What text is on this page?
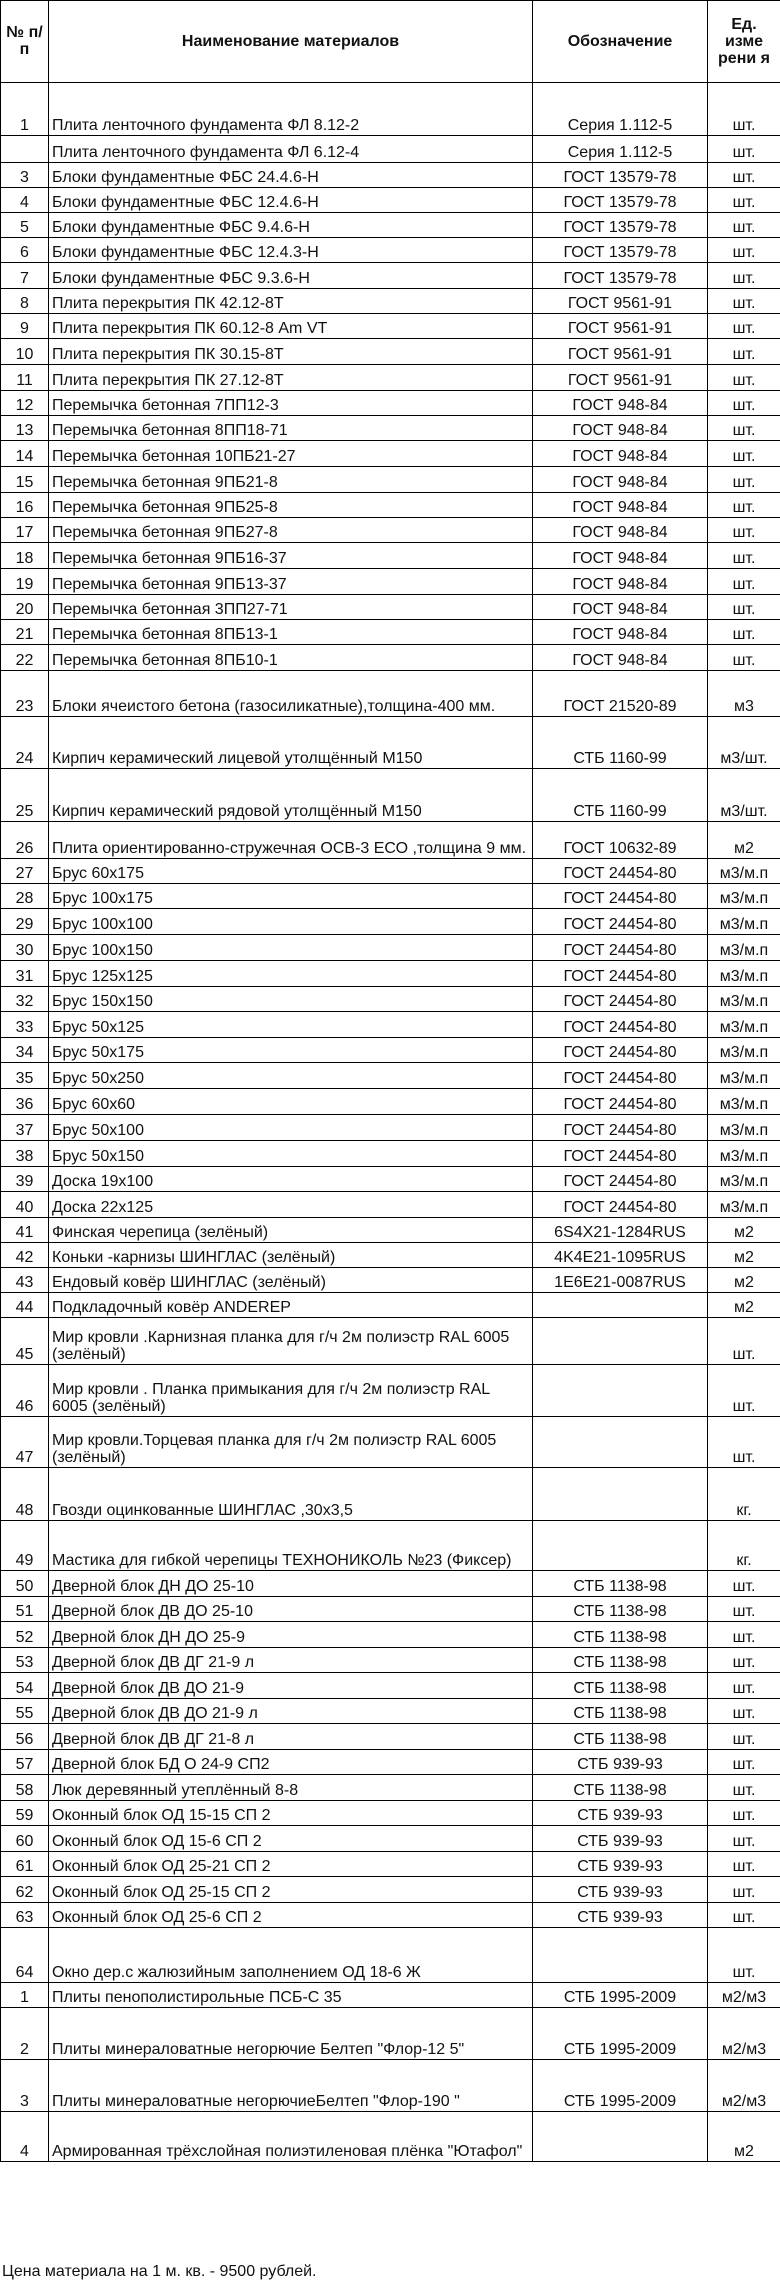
№ п/п	Наименование материалов	Обозначение	Ед. изме рени я
1	Плита ленточного фундамента ФЛ 8.12-2	Серия 1.112-5	шт.
	Плита ленточного фундамента ФЛ 6.12-4	Серия 1.112-5	шт.
3	Блоки фундаментные ФБС 24.4.6-Н	ГОСТ 13579-78	шт.
4	Блоки фундаментные ФБС 12.4.6-Н	ГОСТ 13579-78	шт.
5	Блоки фундаментные ФБС 9.4.6-Н	ГОСТ 13579-78	шт.
6	Блоки фундаментные ФБС 12.4.3-Н	ГОСТ 13579-78	шт.
7	Блоки фундаментные ФБС 9.3.6-Н	ГОСТ 13579-78	шт.
8	Плита перекрытия ПК 42.12-8Т	ГОСТ 9561-91	шт.
9	Плита перекрытия ПК 60.12-8 Am VT	ГОСТ 9561-91	шт.
10	Плита перекрытия ПК 30.15-8Т	ГОСТ 9561-91	шт.
11	Плита перекрытия ПК 27.12-8Т	ГОСТ 9561-91	шт.
12	Перемычка бетонная 7ПП12-3	ГОСТ 948-84	шт.
13	Перемычка бетонная 8ПП18-71	ГОСТ 948-84	шт.
14	Перемычка бетонная 10ПБ21-27	ГОСТ 948-84	шт.
15	Перемычка бетонная 9ПБ21-8	ГОСТ 948-84	шт.
16	Перемычка бетонная 9ПБ25-8	ГОСТ 948-84	шт.
17	Перемычка бетонная 9ПБ27-8	ГОСТ 948-84	шт.
18	Перемычка бетонная 9ПБ16-37	ГОСТ 948-84	шт.
19	Перемычка бетонная 9ПБ13-37	ГОСТ 948-84	шт.
20	Перемычка бетонная 3ПП27-71	ГОСТ 948-84	шт.
21	Перемычка бетонная 8ПБ13-1	ГОСТ 948-84	шт.
22	Перемычка бетонная 8ПБ10-1	ГОСТ 948-84	шт.
23	Блоки ячеистого бетона (газосиликатные),толщина-400 мм.	ГОСТ 21520-89	м3
24	Кирпич керамический лицевой утолщённый М150	СТБ 1160-99	м3/шт.
25	Кирпич керамический рядовой утолщённый М150	СТБ 1160-99	м3/шт.
26	Плита ориентированно-стружечная ОСВ-3 ЕСО ,толщина 9 мм.	ГОСТ 10632-89	м2
27	Брус 60х175	ГОСТ 24454-80	м3/м.п
28	Брус 100х175	ГОСТ 24454-80	м3/м.п
29	Брус 100х100	ГОСТ 24454-80	м3/м.п
30	Брус 100х150	ГОСТ 24454-80	м3/м.п
31	Брус 125х125	ГОСТ 24454-80	м3/м.п
32	Брус 150х150	ГОСТ 24454-80	м3/м.п
33	Брус 50х125	ГОСТ 24454-80	м3/м.п
34	Брус 50х175	ГОСТ 24454-80	м3/м.п
35	Брус 50х250	ГОСТ 24454-80	м3/м.п
36	Брус 60х60	ГОСТ 24454-80	м3/м.п
37	Брус 50х100	ГОСТ 24454-80	м3/м.п
38	Брус 50х150	ГОСТ 24454-80	м3/м.п
39	Доска 19х100	ГОСТ 24454-80	м3/м.п
40	Доска 22х125	ГОСТ 24454-80	м3/м.п
41	Финская черепица (зелёный)	6S4X21-1284RUS	м2
42	Коньки -карнизы ШИНГЛАС (зелёный)	4K4E21-1095RUS	м2
43	Ендовый ковёр ШИНГЛАС (зелёный)	1E6E21-0087RUS	м2
44	Подкладочный ковёр ANDEREP		м2
45	Мир кровли .Карнизная планка для г/ч 2м полиэстр RAL 6005 (зелёный)		шт.
46	Мир кровли . Планка примыкания для г/ч 2м полиэстр RAL 6005 (зелёный)		шт.
47	Мир кровли.Торцевая планка для г/ч 2м полиэстр RAL 6005 (зелёный)		шт.
48	Гвозди оцинкованные ШИНГЛАС ,30х3,5		кг.
49	Мастика для гибкой черепицы ТЕХНОНИКОЛЬ №23 (Фиксер)		кг.
50	Дверной блок ДН ДО 25-10	СТБ 1138-98	шт.
51	Дверной блок ДВ ДО 25-10	СТБ 1138-98	шт.
52	Дверной блок ДН ДО 25-9	СТБ 1138-98	шт.
53	Дверной блок ДВ ДГ 21-9 л	СТБ 1138-98	шт.
54	Дверной блок ДВ ДО 21-9	СТБ 1138-98	шт.
55	Дверной блок ДВ ДО 21-9 л	СТБ 1138-98	шт.
56	Дверной блок ДВ ДГ 21-8 л	СТБ 1138-98	шт.
57	Дверной блок БД О 24-9 СП2	СТБ 939-93	шт.
58	Люк деревянный утеплённый 8-8	СТБ 1138-98	шт.
59	Оконный блок ОД 15-15 СП 2	СТБ 939-93	шт.
60	Оконный блок ОД 15-6 СП 2	СТБ 939-93	шт.
61	Оконный блок ОД 25-21 СП 2	СТБ 939-93	шт.
62	Оконный блок ОД 25-15 СП 2	СТБ 939-93	шт.
63	Оконный блок ОД 25-6 СП 2	СТБ 939-93	шт.
64	Окно дер.с жалюзийным заполнением ОД 18-6 Ж		шт.
1	Плиты пенополистирольные ПСБ-С 35	СТБ 1995-2009	м2/м3
2	Плиты минераловатные негорючие Белтеп "Флор-12 5"	СТБ 1995-2009	м2/м3
3	Плиты минераловатные негорючиеБелтеп "Флор-190 "	СТБ 1995-2009	м2/м3
4	Армированная трёхслойная полиэтиленовая плёнка "Ютафол"		м2
Цена материала на 1 м. кв. - 9500 рублей.
